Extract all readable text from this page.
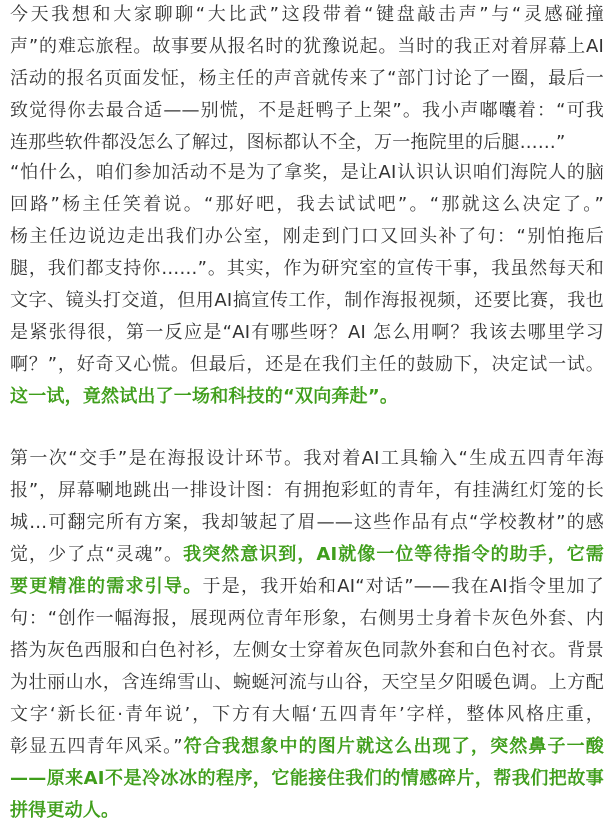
今天我想和大家聊聊“大比武”这段带着“键盘敲击声”与“灵感碰撞
声”的难忘旅程。故事要从报名时的犹豫说起。当时的我正对着屏幕上AI
活动的报名页面发怔，杨主任的声音就传来了“部门讨论了一圈，最后一
致觉得你去最合适——别慌，不是赶鸭子上架”。我小声嘟囔着：“可我
连那些软件都没怎么了解过，图标都认不全，万一拖院里的后腿……”
“怕什么，咱们参加活动不是为了拿奖，是让AI认识认识咱们海院人的脑
回路”杨主任笑着说。“那好吧，我去试试吧”。“那就这么决定了。”
杨主任边说边走出我们办公室，刚走到门口又回头补了句：“别怕拖后
腿，我们都支持你……”。其实，作为研究室的宣传干事，我虽然每天和
文字、镜头打交道，但用AI搞宣传工作，制作海报视频，还要比赛，我也
是紧张得很，第一反应是“AI有哪些呀？AI 怎么用啊？我该去哪里学习
啊？”，好奇又心慌。但最后，还是在我们主任的鼓励下，决定试一试。
这一试，竟然试出了一场和科技的“双向奔赴”。
第一次“交手”是在海报设计环节。我对着AI工具输入“生成五四青年海
报”，屏幕唰地跳出一排设计图：有拥抱彩虹的青年，有挂满红灯笼的长
城…可翻完所有方案，我却皱起了眉——这些作品有点“学校教材”的感
觉，少了点“灵魂”。我突然意识到，AI就像一位等待指令的助手，它需
要更精准的需求引导。于是，我开始和AI“对话”——我在AI指令里加了
句：“创作一幅海报，展现两位青年形象，右侧男士身着卡灰色外套、内
搭为灰色西服和白色衬衫，左侧女士穿着灰色同款外套和白色衬衣。背景
为壮丽山水，含连绵雪山、蜿蜒河流与山谷，天空呈夕阳暖色调。上方配
文字‘新长征·青年说’，下方有大幅‘五四青年’字样，整体风格庄重，
彰显五四青年风采。”符合我想象中的图片就这么出现了，突然鼻子一酸
——原来AI不是冷冰冰的程序，它能接住我们的情感碎片，帮我们把故事
拼得更动人。
